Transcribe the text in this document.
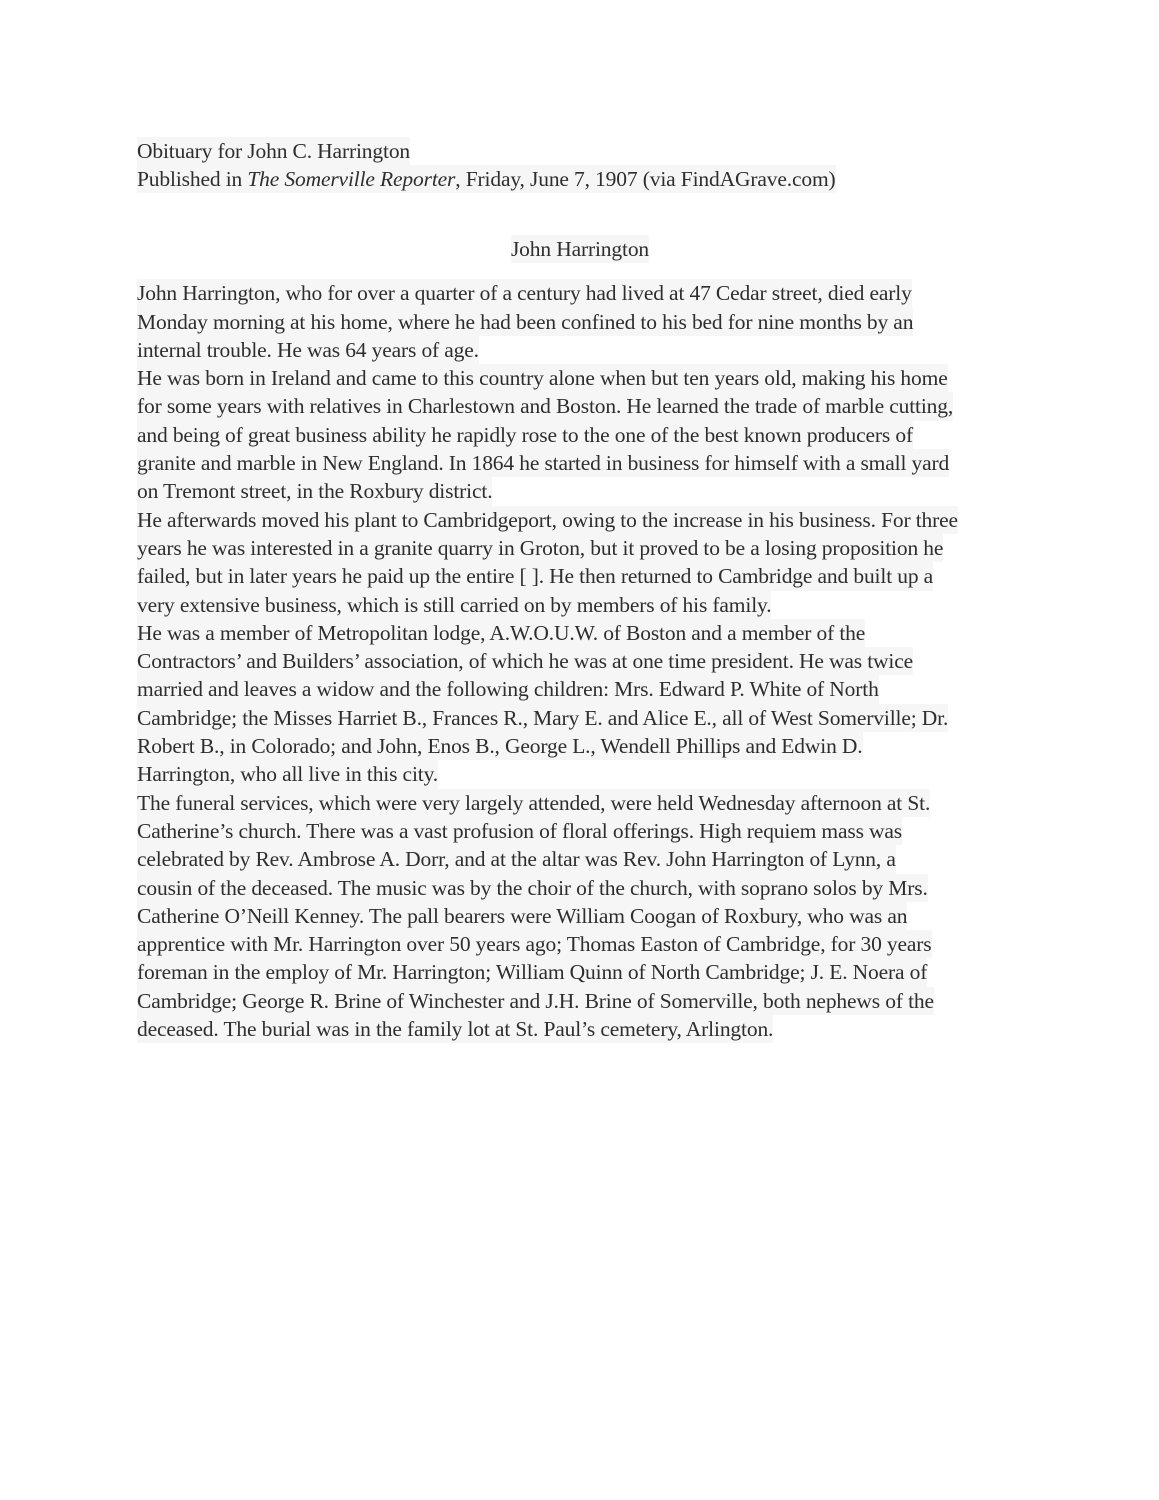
Obituary for John C. Harrington
Published in The Somerville Reporter, Friday, June 7, 1907 (via FindAGrave.com)
John Harrington
John Harrington, who for over a quarter of a century had lived at 47 Cedar street, died early
Monday morning at his home, where he had been confined to his bed for nine months by an
internal trouble. He was 64 years of age.
He was born in Ireland and came to this country alone when but ten years old, making his home
for some years with relatives in Charlestown and Boston. He learned the trade of marble cutting,
and being of great business ability he rapidly rose to the one of the best known producers of
granite and marble in New England. In 1864 he started in business for himself with a small yard
on Tremont street, in the Roxbury district.
He afterwards moved his plant to Cambridgeport, owing to the increase in his business. For three
years he was interested in a granite quarry in Groton, but it proved to be a losing proposition he
failed, but in later years he paid up the entire [ ]. He then returned to Cambridge and built up a
very extensive business, which is still carried on by members of his family.
He was a member of Metropolitan lodge, A.W.O.U.W. of Boston and a member of the
Contractors’ and Builders’ association, of which he was at one time president. He was twice
married and leaves a widow and the following children: Mrs. Edward P. White of North
Cambridge; the Misses Harriet B., Frances R., Mary E. and Alice E., all of West Somerville; Dr.
Robert B., in Colorado; and John, Enos B., George L., Wendell Phillips and Edwin D.
Harrington, who all live in this city.
The funeral services, which were very largely attended, were held Wednesday afternoon at St.
Catherine’s church. There was a vast profusion of floral offerings. High requiem mass was
celebrated by Rev. Ambrose A. Dorr, and at the altar was Rev. John Harrington of Lynn, a
cousin of the deceased. The music was by the choir of the church, with soprano solos by Mrs.
Catherine O’Neill Kenney. The pall bearers were William Coogan of Roxbury, who was an
apprentice with Mr. Harrington over 50 years ago; Thomas Easton of Cambridge, for 30 years
foreman in the employ of Mr. Harrington; William Quinn of North Cambridge; J. E. Noera of
Cambridge; George R. Brine of Winchester and J.H. Brine of Somerville, both nephews of the
deceased. The burial was in the family lot at St. Paul’s cemetery, Arlington.
